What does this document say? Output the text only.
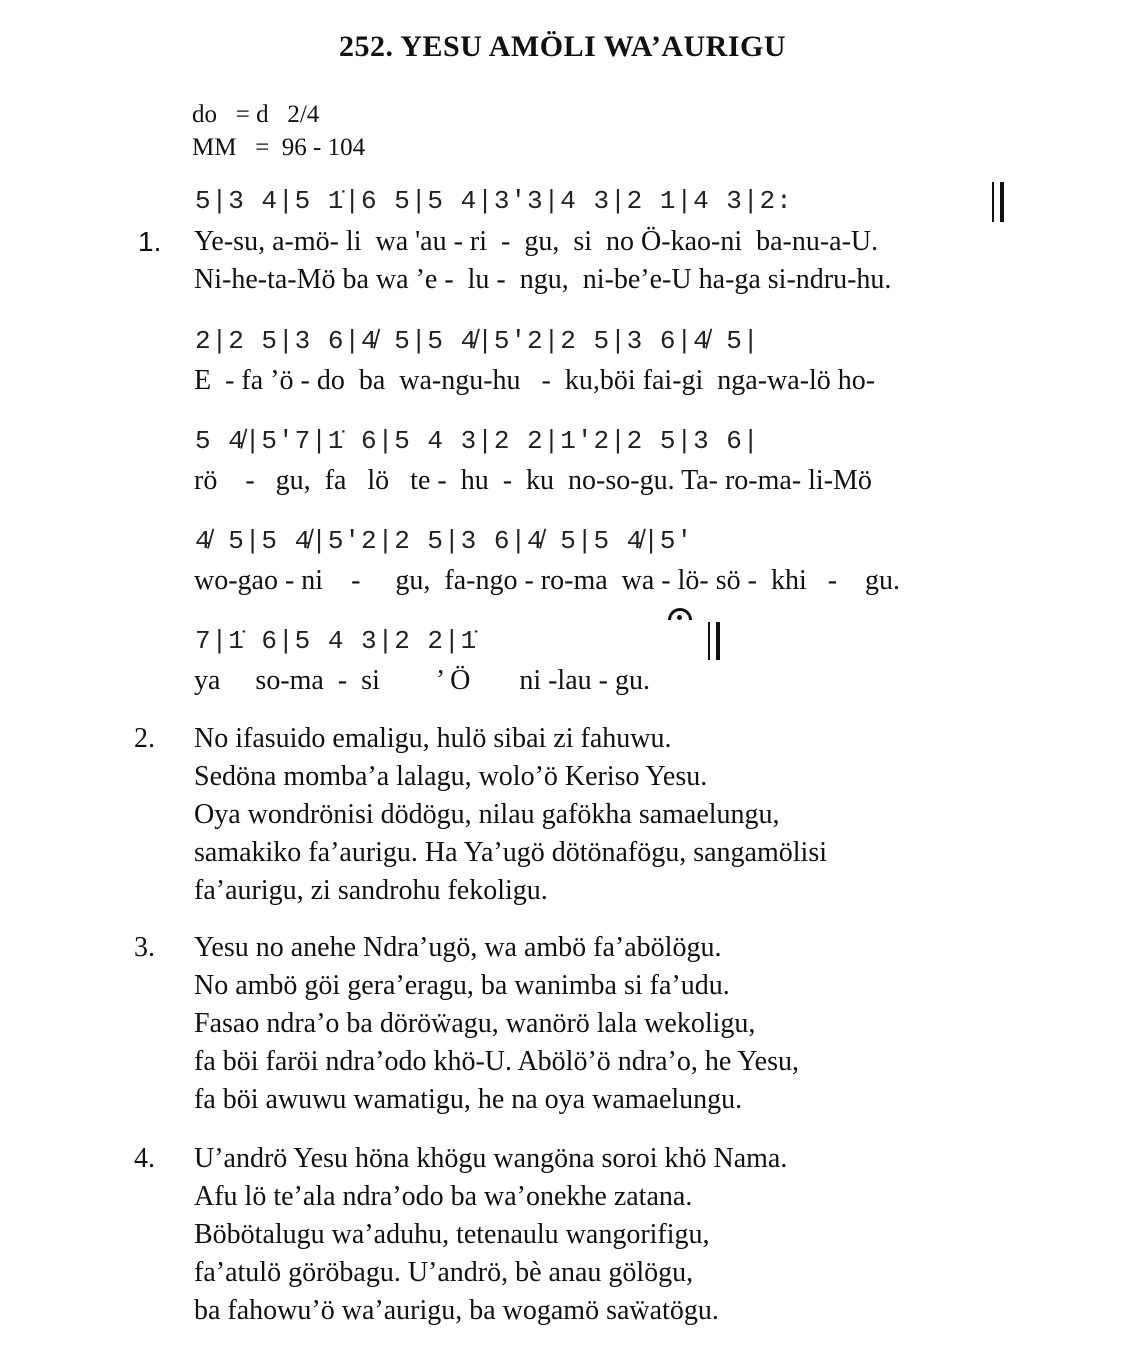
252. YESU AMÖLI WA’AURIGU
do   = d   2/4
MM   =  96 - 104
5|3 4|5 1̇|6 5|5 4|3'3|4 3|2 1|4 3|2:
1. Ye-su, a-mö- li  wa 'au - ri  -  gu,  si  no Ö-kao-ni  ba-nu-a-U.
Ni-he-ta-Mö ba wa ’e -  lu -  ngu,  ni-be’e-U ha-ga si-ndru-hu.
2|2 5|3 6|4̸ 5|5 4̸|5'2|2 5|3 6|4̸ 5|
E  - fa ’ö - do  ba  wa-ngu-hu   -  ku,böi fai-gi  nga-wa-lö ho-
5 4̸|5'7|1̇ 6|5 4 3|2 2|1'2|2 5|3 6|
rö    -   gu,  fa   lö   te -  hu  -  ku  no-so-gu. Ta- ro-ma- li-Mö
4̸ 5|5 4̸|5'2|2 5|3 6|4̸ 5|5 4̸|5'
wo-gao - ni    -     gu,  fa-ngo - ro-ma  wa - lö- sö -  khi   -    gu.
7|1̇ 6|5 4 3|2 2|1̇
ya     so-ma  -  si        ’ Ö       ni -lau - gu.
2. No ifasuido emaligu, hulö sibai zi fahuwu.
Sedöna momba’a lalagu, wolo’ö Keriso Yesu.
Oya wondrönisi dödögu, nilau gafökha samaelungu,
samakiko fa’aurigu. Ha Ya’ugö dötönafögu, sangamölisi
fa’aurigu, zi sandrohu fekoligu.
3. Yesu no anehe Ndra’ugö, wa ambö fa’abölögu.
No ambö göi gera’eragu, ba wanimba si fa’udu.
Fasao ndra’o ba döröẅagu, wanörö lala wekoligu,
fa böi faröi ndra’odo khö-U. Abölö’ö ndra’o, he Yesu,
fa böi awuwu wamatigu, he na oya wamaelungu.
4. U’andrö Yesu höna khögu wangöna soroi khö Nama.
Afu lö te’ala ndra’odo ba wa’onekhe zatana.
Böbötalugu wa’aduhu, tetenaulu wangorifigu,
fa’atulö göröbagu. U’andrö, bè anau gölögu,
ba fahowu’ö wa’aurigu, ba wogamö saẅatögu.
